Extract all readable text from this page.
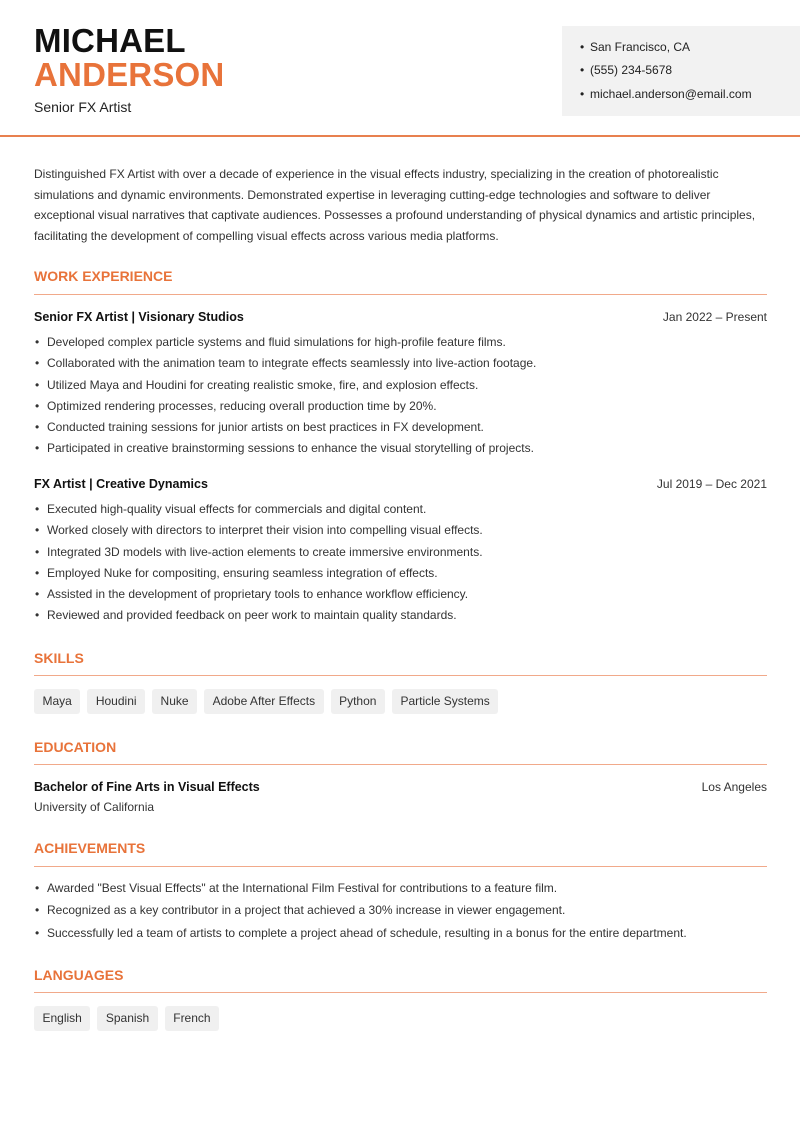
MICHAEL
ANDERSON
Senior FX Artist
• San Francisco, CA
• (555) 234-5678
• michael.anderson@email.com
Distinguished FX Artist with over a decade of experience in the visual effects industry, specializing in the creation of photorealistic simulations and dynamic environments. Demonstrated expertise in leveraging cutting-edge technologies and software to deliver exceptional visual narratives that captivate audiences. Possesses a profound understanding of physical dynamics and artistic principles, facilitating the development of compelling visual effects across various media platforms.
WORK EXPERIENCE
Senior FX Artist | Visionary Studios	Jan 2022 – Present
• Developed complex particle systems and fluid simulations for high-profile feature films.
• Collaborated with the animation team to integrate effects seamlessly into live-action footage.
• Utilized Maya and Houdini for creating realistic smoke, fire, and explosion effects.
• Optimized rendering processes, reducing overall production time by 20%.
• Conducted training sessions for junior artists on best practices in FX development.
• Participated in creative brainstorming sessions to enhance the visual storytelling of projects.
FX Artist | Creative Dynamics	Jul 2019 – Dec 2021
• Executed high-quality visual effects for commercials and digital content.
• Worked closely with directors to interpret their vision into compelling visual effects.
• Integrated 3D models with live-action elements to create immersive environments.
• Employed Nuke for compositing, ensuring seamless integration of effects.
• Assisted in the development of proprietary tools to enhance workflow efficiency.
• Reviewed and provided feedback on peer work to maintain quality standards.
SKILLS
Maya	Houdini	Nuke	Adobe After Effects	Python	Particle Systems
EDUCATION
Bachelor of Fine Arts in Visual Effects	Los Angeles
University of California
ACHIEVEMENTS
• Awarded "Best Visual Effects" at the International Film Festival for contributions to a feature film.
• Recognized as a key contributor in a project that achieved a 30% increase in viewer engagement.
• Successfully led a team of artists to complete a project ahead of schedule, resulting in a bonus for the entire department.
LANGUAGES
English	Spanish	French
